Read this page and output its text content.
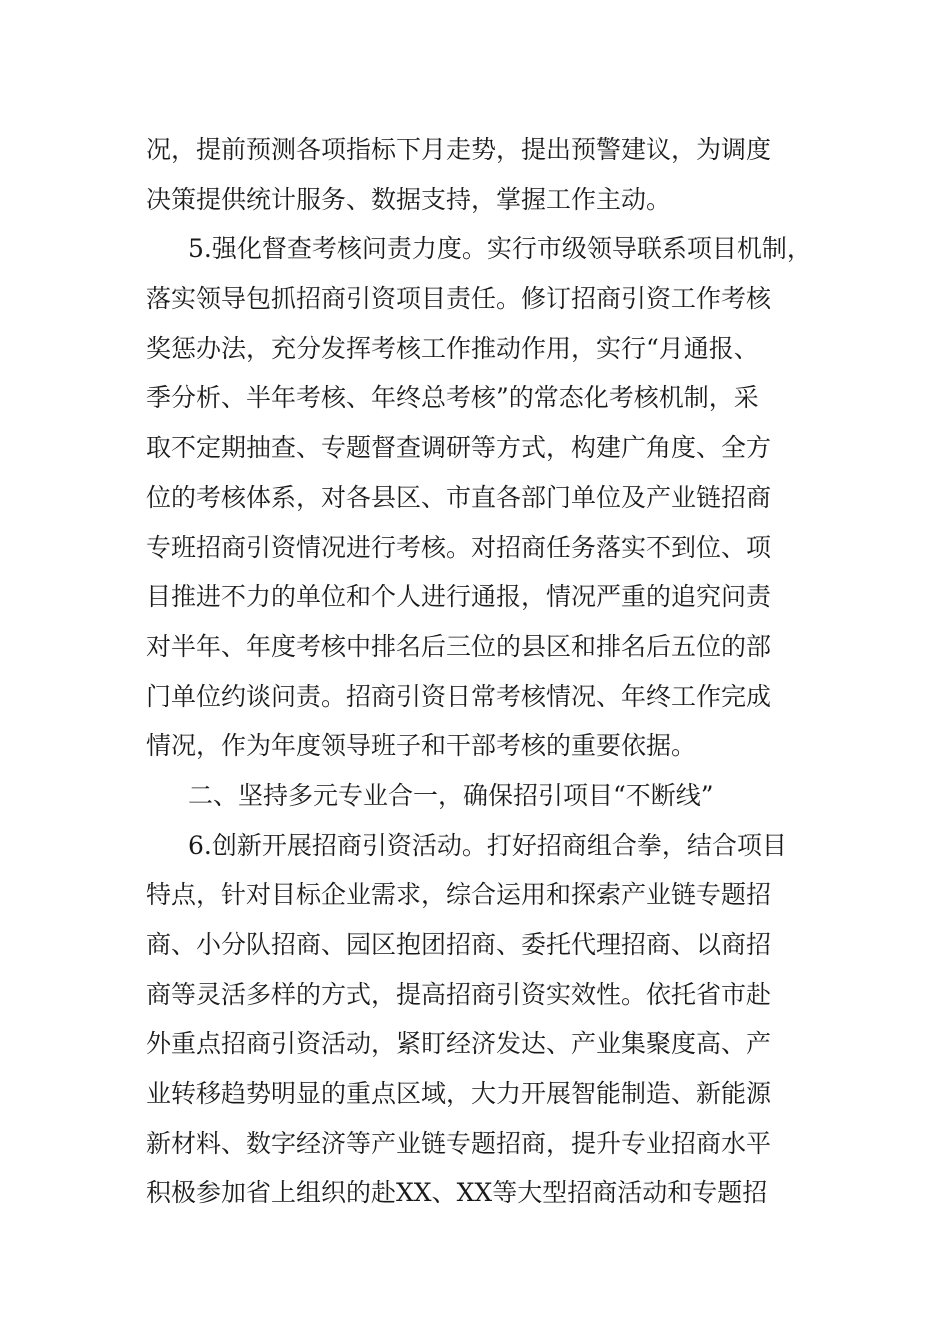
况，提前预测各项指标下月走势，提出预警建议，为调度
决策提供统计服务、数据支持，掌握工作主动。
5.强化督查考核问责力度。实行市级领导联系项目机制，
落实领导包抓招商引资项目责任。修订招商引资工作考核
奖惩办法，充分发挥考核工作推动作用，实行“月通报、
季分析、半年考核、年终总考核”的常态化考核机制，采
取不定期抽查、专题督查调研等方式，构建广角度、全方
位的考核体系，对各县区、市直各部门单位及产业链招商
专班招商引资情况进行考核。对招商任务落实不到位、项
目推进不力的单位和个人进行通报，情况严重的追究问责
对半年、年度考核中排名后三位的县区和排名后五位的部
门单位约谈问责。招商引资日常考核情况、年终工作完成
情况，作为年度领导班子和干部考核的重要依据。
二、坚持多元专业合一，确保招引项目“不断线”
6.创新开展招商引资活动。打好招商组合拳，结合项目
特点，针对目标企业需求，综合运用和探索产业链专题招
商、小分队招商、园区抱团招商、委托代理招商、以商招
商等灵活多样的方式，提高招商引资实效性。依托省市赴
外重点招商引资活动，紧盯经济发达、产业集聚度高、产
业转移趋势明显的重点区域，大力开展智能制造、新能源
新材料、数字经济等产业链专题招商，提升专业招商水平
积极参加省上组织的赴XX、XX等大型招商活动和专题招
